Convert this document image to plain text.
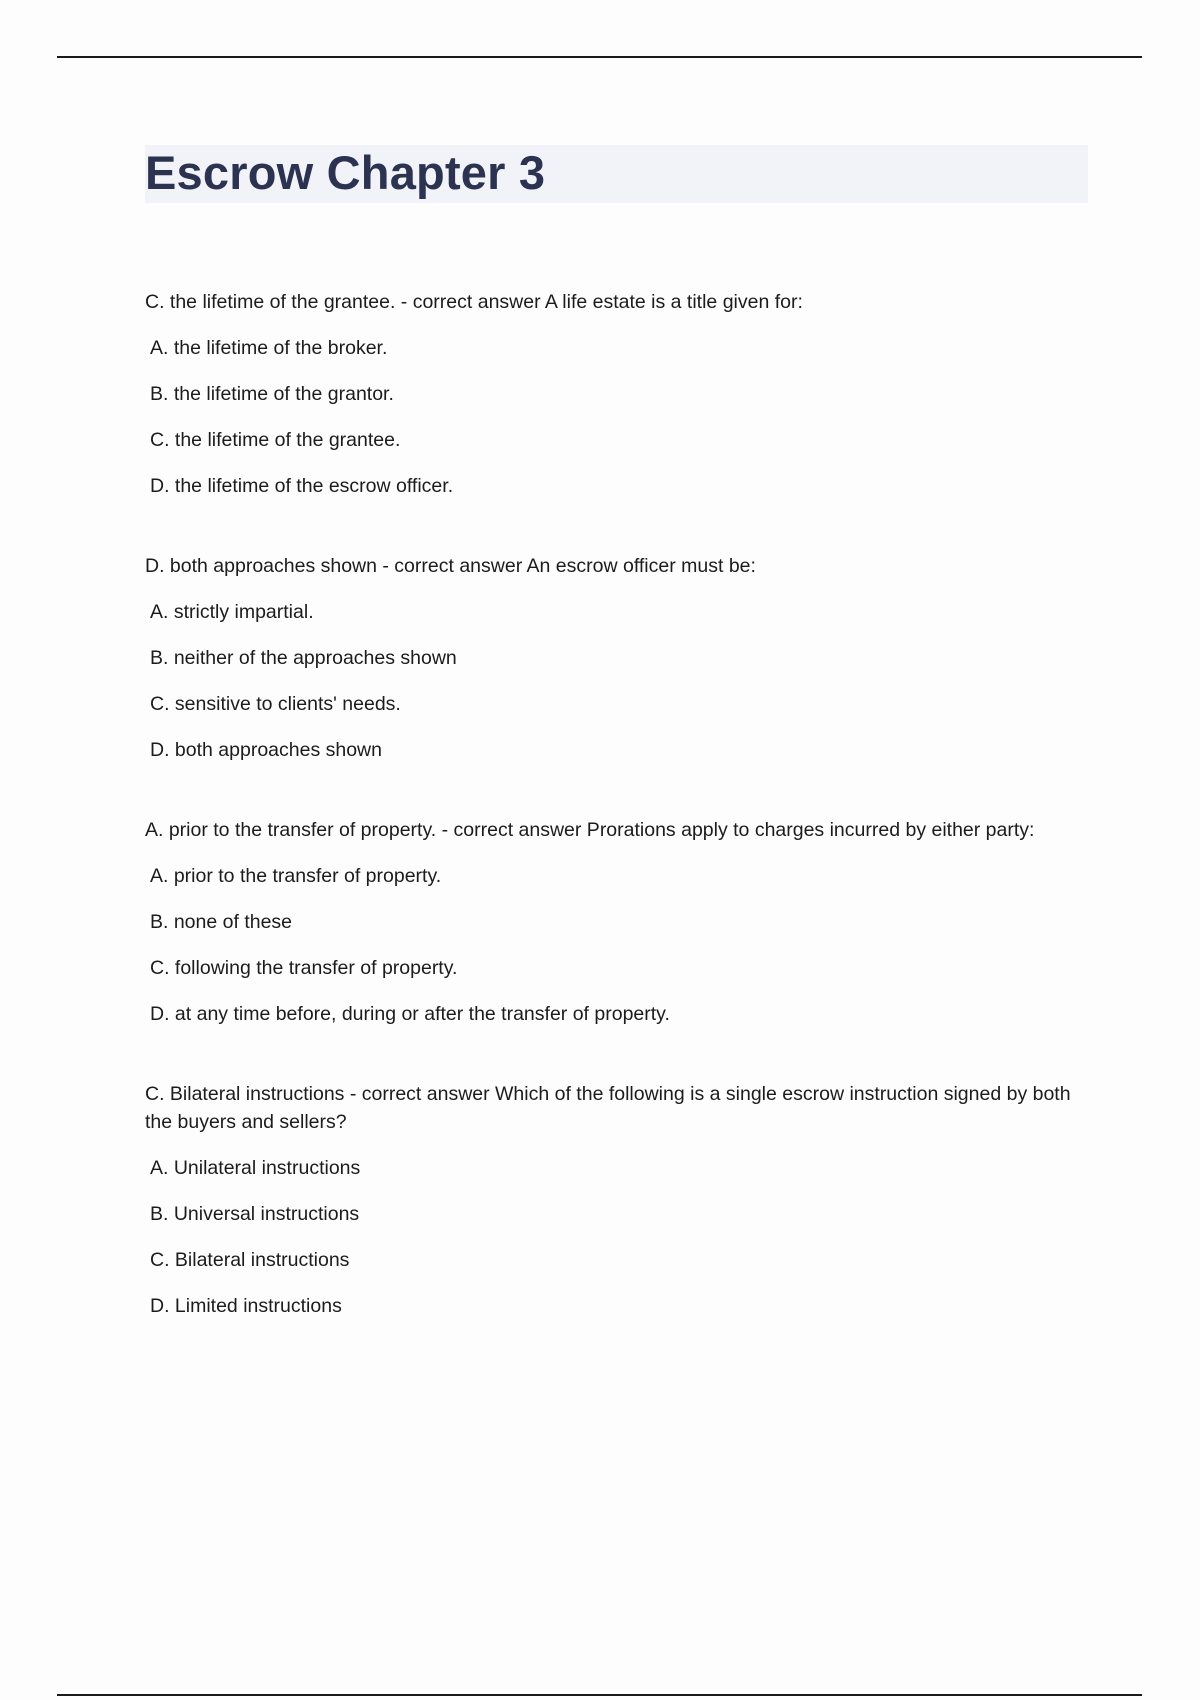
Escrow Chapter 3

C. the lifetime of the grantee. - correct answer A life estate is a title given for:

A. the lifetime of the broker.
B. the lifetime of the grantor.
C. the lifetime of the grantee.
D. the lifetime of the escrow officer.

D. both approaches shown - correct answer An escrow officer must be:

A. strictly impartial.
B. neither of the approaches shown
C. sensitive to clients' needs.
D. both approaches shown

A. prior to the transfer of property. - correct answer Prorations apply to charges incurred by either party:

A. prior to the transfer of property.
B. none of these
C. following the transfer of property.
D. at any time before, during or after the transfer of property.

C. Bilateral instructions - correct answer Which of the following is a single escrow instruction signed by both the buyers and sellers?

A. Unilateral instructions
B. Universal instructions
C. Bilateral instructions
D. Limited instructions
